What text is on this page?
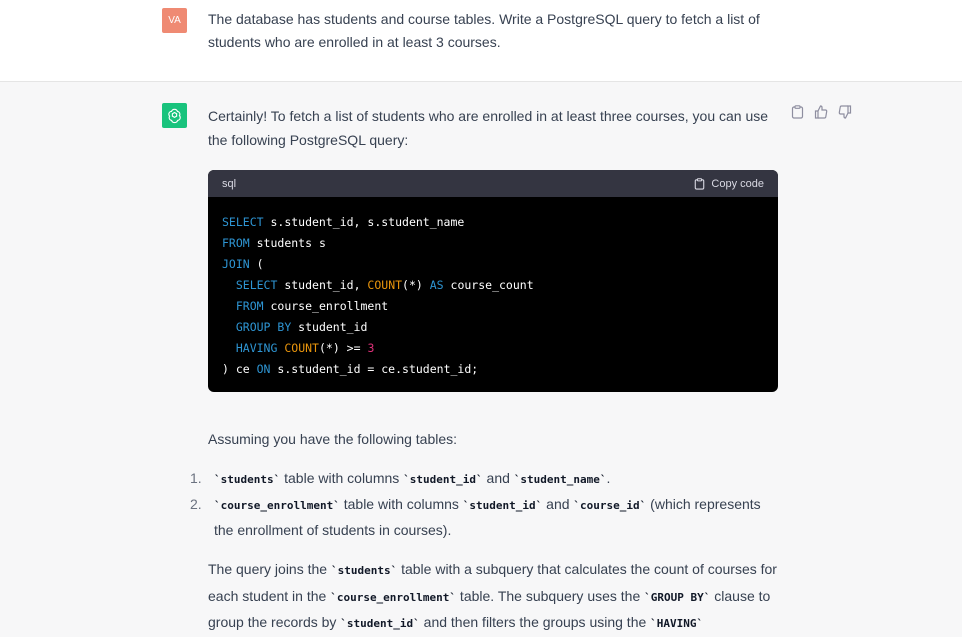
VA	The database has students and course tables. Write a PostgreSQL query to fetch a list of students who are enrolled in at least 3 courses.

Certainly! To fetch a list of students who are enrolled in at least three courses, you can use the following PostgreSQL query:

sql	Copy code
SELECT s.student_id, s.student_name
FROM students s
JOIN (
SELECT student_id, COUNT(*) AS course_count
FROM course_enrollment
GROUP BY student_id
HAVING COUNT(*) >= 3
) ce ON s.student_id = ce.student_id;
Assuming you have the following tables:
1.	`students` table with columns `student_id` and `student_name`.
2.	`course_enrollment` table with columns `student_id` and `course_id` (which represents the enrollment of students in courses).
The query joins the `students` table with a subquery that calculates the count of courses for each student in the `course_enrollment` table. The subquery uses the `GROUP BY` clause to group the records by `student_id` and then filters the groups using the `HAVING`
